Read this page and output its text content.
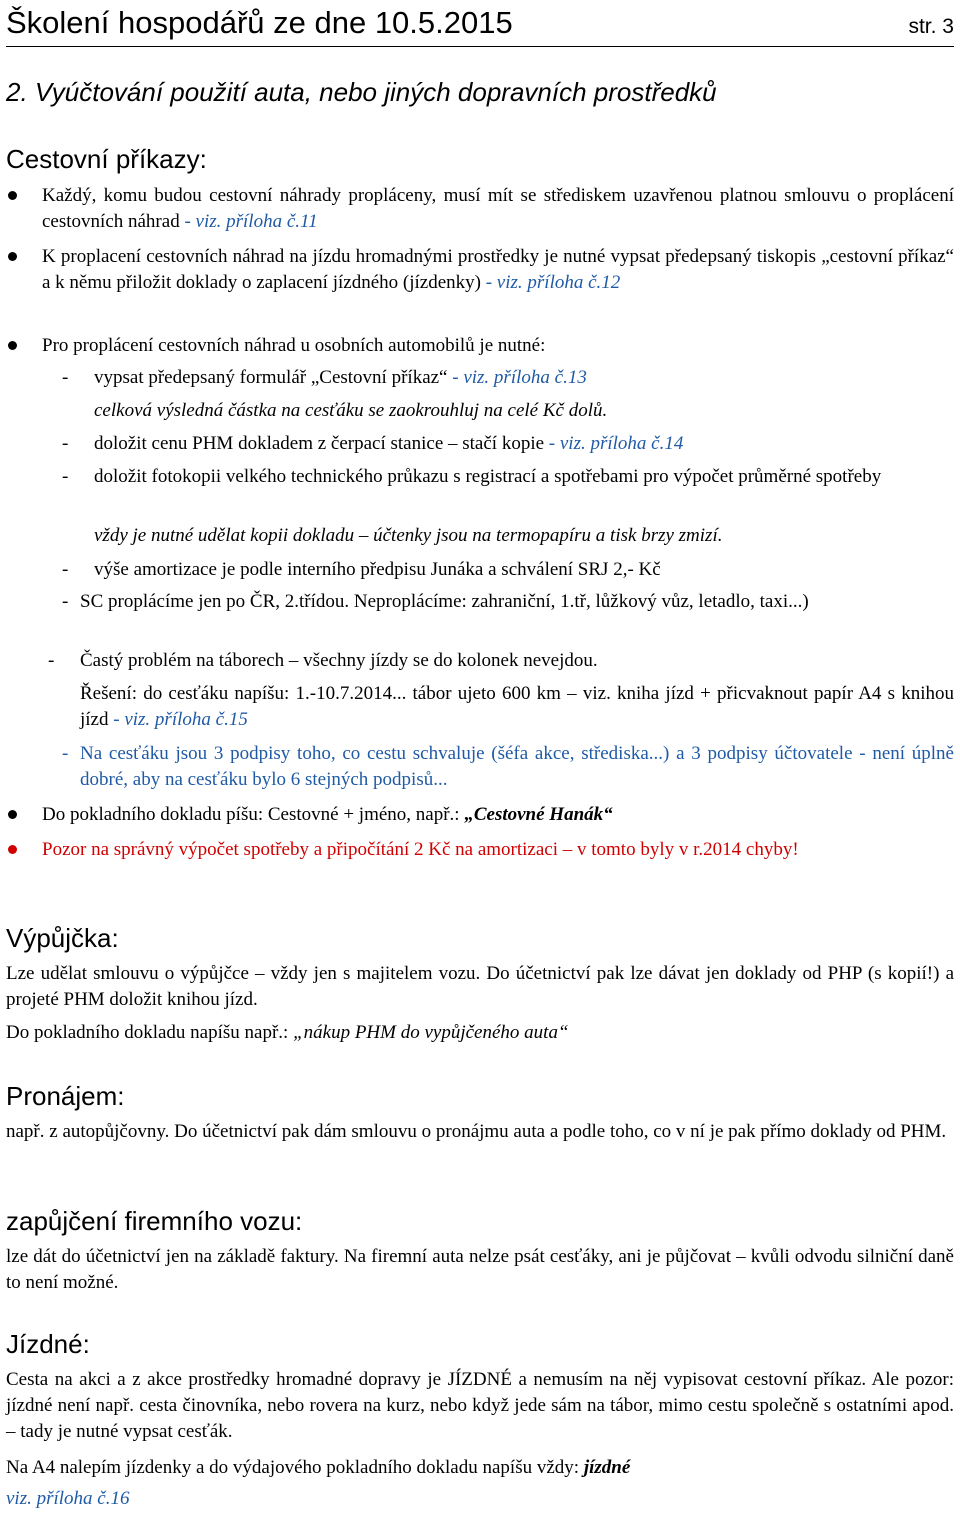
Školení hospodářů ze dne 10.5.2015	str. 3
2. Vyúčtování použití auta, nebo jiných dopravních prostředků
Cestovní příkazy:
Každý, komu budou cestovní náhrady propláceny, musí mít se střediskem uzavřenou platnou smlouvu o proplácení cestovních náhrad - viz. příloha č.11
K proplacení cestovních náhrad na jízdu hromadnými prostředky je nutné vypsat předepsaný tiskopis „cestovní příkaz“ a k němu přiložit doklady o zaplacení jízdného (jízdenky) - viz. příloha č.12
Pro proplácení cestovních náhrad u osobních automobilů je nutné:
- vypsat předepsaný formulář „Cestovní příkaz“ - viz. příloha č.13
celková výsledná částka na cesťáku se zaokrouhluj na celé Kč dolů.
- doložit cenu PHM dokladem z čerpací stanice – stačí kopie - viz. příloha č.14
- doložit fotokopii velkého technického průkazu s registrací a spotřebami pro výpočet průměrné spotřeby
vždy je nutné udělat kopii dokladu – účtenky jsou na termopapíru a tisk brzy zmizí.
- výše amortizace je podle interního předpisu Junáka a schválení SRJ 2,- Kč
- SC proplácíme jen po ČR, 2.třídou. Neproplácíme: zahraniční, 1.tř, lůžkový vůz, letadlo, taxi...)
- Častý problém na táborech – všechny jízdy se do kolonek nevejdou.
Řešení: do cesťáku napíšu: 1.-10.7.2014... tábor ujeto 600 km – viz. kniha jízd + přicvaknout papír A4 s knihou jízd - viz. příloha č.15
- Na cesťáku jsou 3 podpisy toho, co cestu schvaluje (šéfa akce, střediska...) a 3 podpisy účtovatele - není úplně dobré, aby na cesťáku bylo 6 stejných podpisů...
Do pokladního dokladu píšu: Cestovné + jméno, např.: „Cestovné Hanák“
Pozor na správný výpočet spotřeby a připočítání 2 Kč na amortizaci – v tomto byly v r.2014 chyby!
Výpůjčka:
Lze udělat smlouvu o výpůjčce – vždy jen s majitelem vozu. Do účetnictví pak lze dávat jen doklady od PHP (s kopií!) a projeté PHM doložit knihou jízd.
Do pokladního dokladu napíšu např.: „nákup PHM do vypůjčeného auta“
Pronájem:
např. z autopůjčovny. Do účetnictví pak dám smlouvu o pronájmu auta a podle toho, co v ní je pak přímo doklady od PHM.
zapůjčení firemního vozu:
lze dát do účetnictví jen na základě faktury. Na firemní auta nelze psát cesťáky, ani je půjčovat – kvůli odvodu silniční daně to není možné.
Jízdné:
Cesta na akci a z akce prostředky hromadné dopravy je JÍZDNÉ a nemusím na něj vypisovat cestovní příkaz. Ale pozor: jízdné není např. cesta činovníka, nebo rovera na kurz, nebo když jede sám na tábor, mimo cestu společně s ostatními apod. – tady je nutné vypsat cesťák.
Na A4 nalepím jízdenky a do výdajového pokladního dokladu napíšu vždy: jízdné
viz. příloha č.16
